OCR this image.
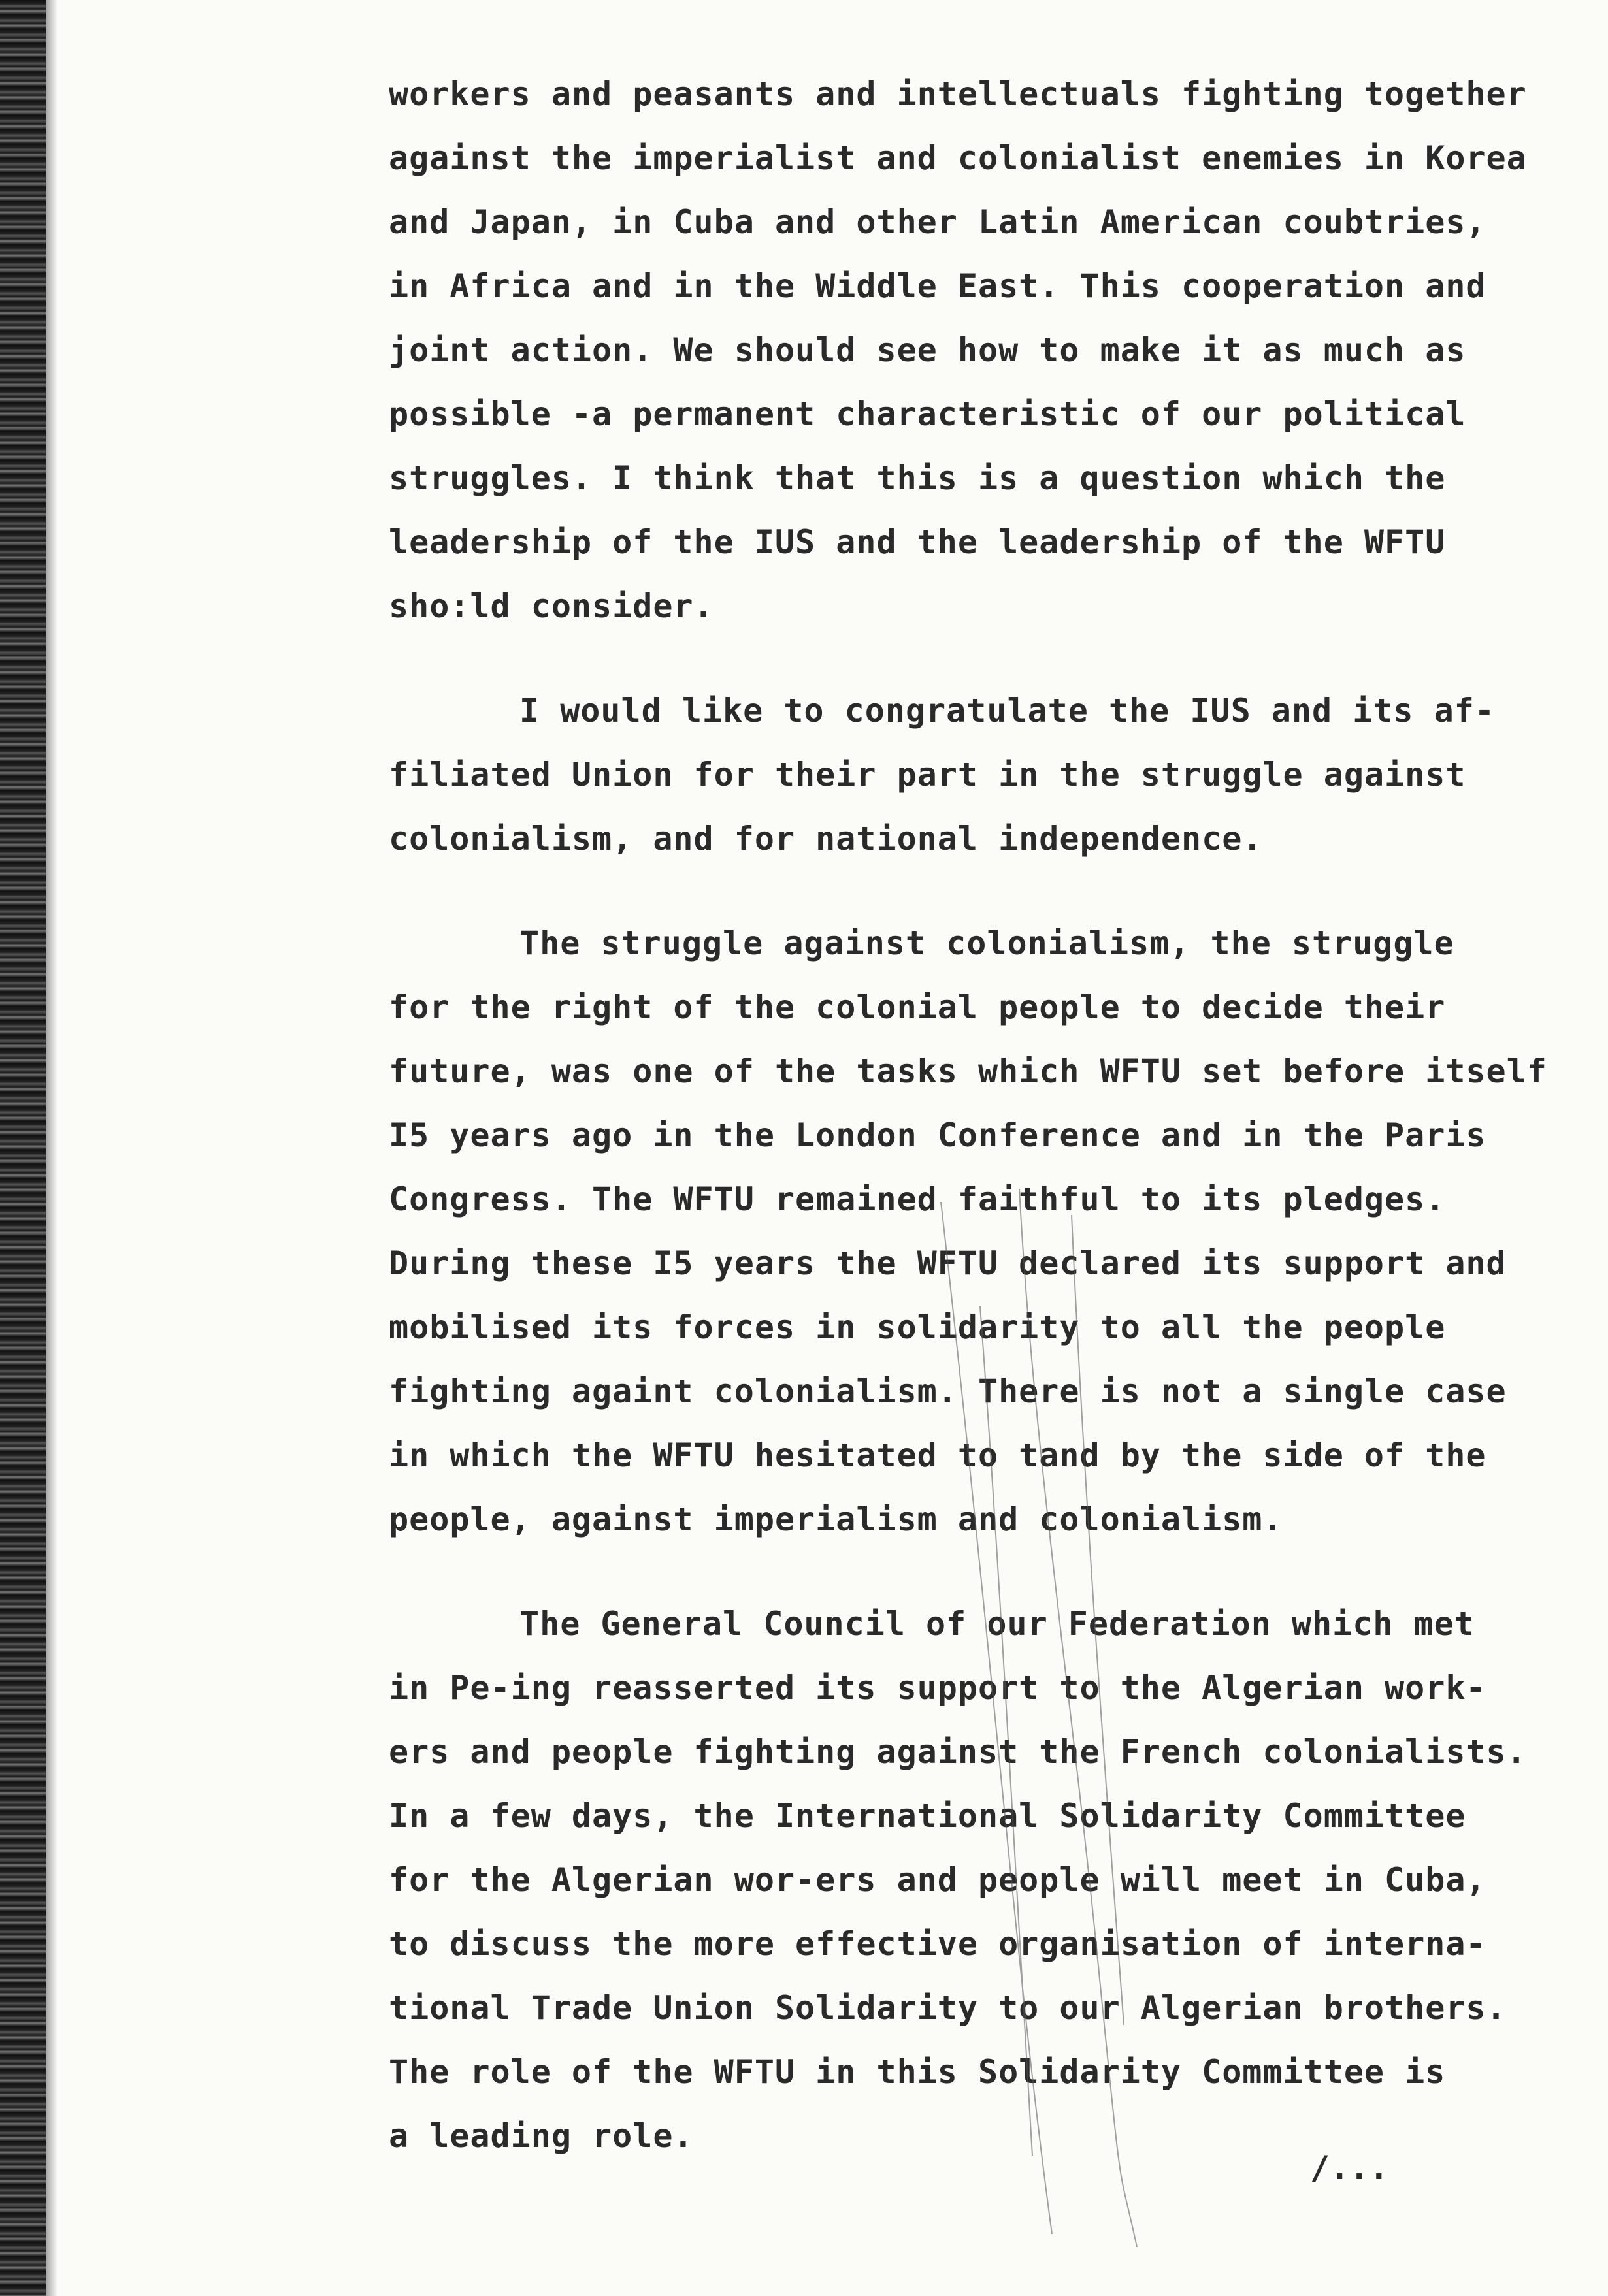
workers and peasants and intellectuals fighting together
against the imperialist and colonialist enemies in Korea
and Japan, in Cuba and other Latin American coubtries,
in Africa and in the Widdle East. This cooperation and
joint action. We should see how to make it as much as
possible -a permanent characteristic of our political
struggles. I think that this is a question which the
leadership of the IUS and the leadership of the WFTU
sho:ld consider.
I would like to congratulate the IUS and its af-
filiated Union for their part in the struggle against
colonialism, and for national independence.
The struggle against colonialism, the struggle
for the right of the colonial people to decide their
future, was one of the tasks which WFTU set before itself
I5 years ago in the London Conference and in the Paris
Congress. The WFTU remained faithful to its pledges.
During these I5 years the WFTU declared its support and
mobilised its forces in solidarity to all the people
fighting againt colonialism. There is not a single case
in which the WFTU hesitated to tand by the side of the
people, against imperialism and colonialism.
The General Council of our Federation which met
in Pe-ing reasserted its support to the Algerian work-
ers and people fighting against the French colonialists.
In a few days, the International Solidarity Committee
for the Algerian wor-ers and people will meet in Cuba,
to discuss the more effective organisation of interna-
tional Trade Union Solidarity to our Algerian brothers.
The role of the WFTU in this Solidarity Committee is
a leading role.
/...
